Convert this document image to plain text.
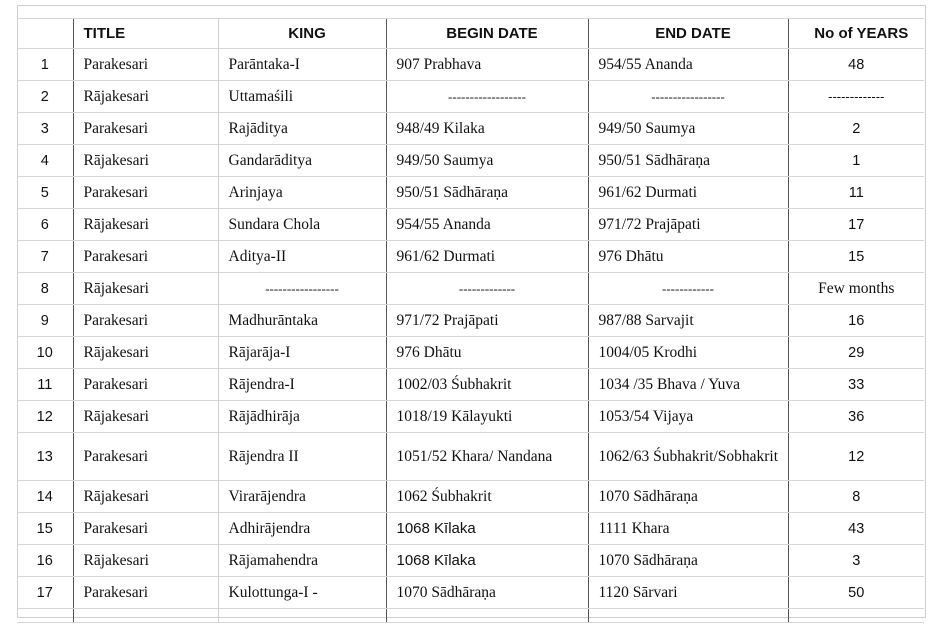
	TITLE	KING	BEGIN DATE	END DATE	No of YEARS
1	Parakesari	Parāntaka-I	907 Prabhava	954/55 Ananda	48
2	Rājakesari	Uttamaśili	------------------	-----------------	-------------
3	Parakesari	Rajāditya	948/49 Kilaka	949/50 Saumya	2
4	Rājakesari	Gandarāditya	949/50 Saumya	950/51 Sādhāraṇa	1
5	Parakesari	Arinjaya	950/51 Sādhāraṇa	961/62 Durmati	11
6	Rājakesari	Sundara Chola	954/55 Ananda	971/72 Prajāpati	17
7	Parakesari	Aditya-II	961/62 Durmati	976 Dhātu	15
8	Rājakesari	-----------------	-------------	------------	Few months
9	Parakesari	Madhurāntaka	971/72 Prajāpati	987/88 Sarvajit	16
10	Rājakesari	Rājarāja-I	976 Dhātu	1004/05 Krodhi	29
11	Parakesari	Rājendra-I	1002/03 Śubhakrit	1034 /35 Bhava / Yuva	33
12	Rājakesari	Rājādhirāja	1018/19 Kālayukti	1053/54 Vijaya	36
13	Parakesari	Rājendra II	1051/52 Khara/ Nandana	1062/63 Śubhakrit/Sobhakrit	12
14	Rājakesari	Virarājendra	1062 Śubhakrit	1070 Sādhāraṇa	8
15	Parakesari	Adhirājendra	1068 Kīlaka	1111 Khara	43
16	Rājakesari	Rājamahendra	1068 Kīlaka	1070 Sādhāraṇa	3
17	Parakesari	Kulottunga-I -	1070 Sādhāraṇa	1120 Sārvari	50
